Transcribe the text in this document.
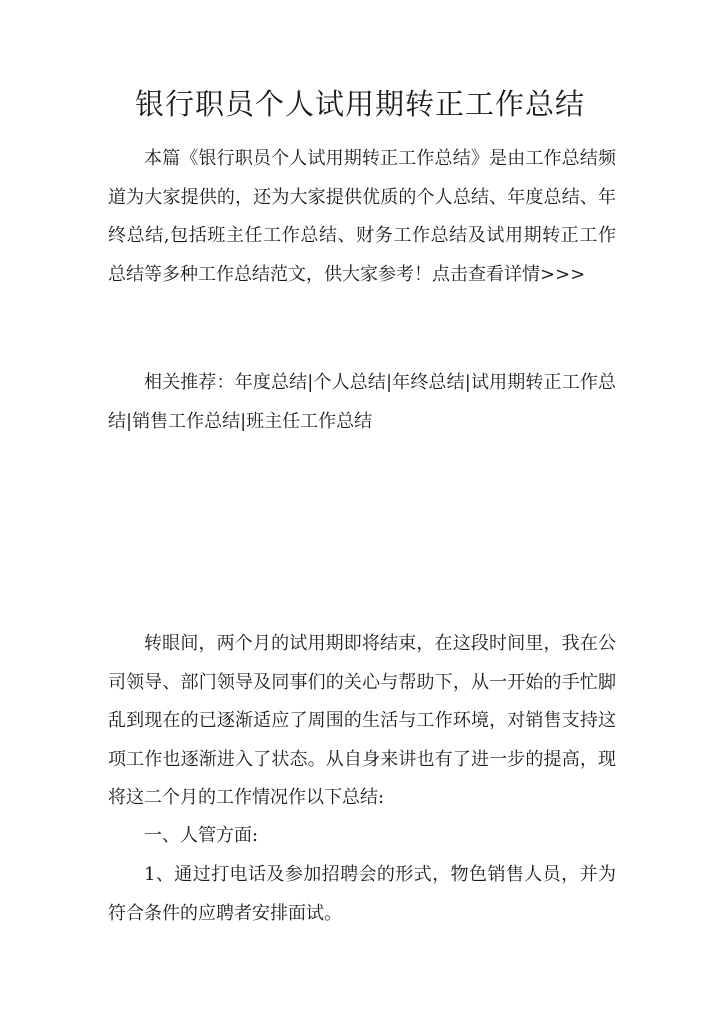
银行职员个人试用期转正工作总结

本篇《银行职员个人试用期转正工作总结》是由工作总结频道为大家提供的，还为大家提供优质的个人总结、年度总结、年终总结,包括班主任工作总结、财务工作总结及试用期转正工作总结等多种工作总结范文，供大家参考！点击查看详情>>>

相关推荐：年度总结|个人总结|年终总结|试用期转正工作总结|销售工作总结|班主任工作总结

转眼间，两个月的试用期即将结束，在这段时间里，我在公司领导、部门领导及同事们的关心与帮助下，从一开始的手忙脚乱到现在的已逐渐适应了周围的生活与工作环境，对销售支持这项工作也逐渐进入了状态。从自身来讲也有了进一步的提高，现将这二个月的工作情况作以下总结:

一、人管方面:

1、通过打电话及参加招聘会的形式，物色销售人员，并为符合条件的应聘者安排面试。
